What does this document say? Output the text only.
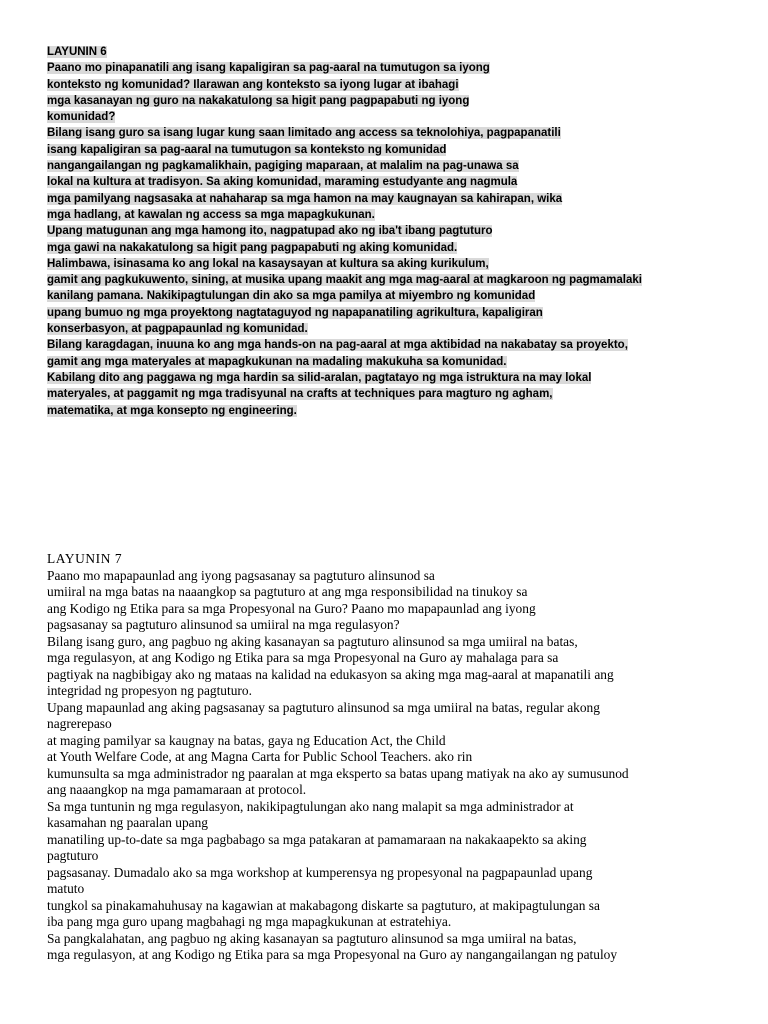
LAYUNIN 6
Paano mo pinapanatili ang isang kapaligiran sa pag-aaral na tumutugon sa iyong
konteksto ng komunidad? Ilarawan ang konteksto sa iyong lugar at ibahagi
mga kasanayan ng guro na nakakatulong sa higit pang pagpapabuti ng iyong
komunidad?
Bilang isang guro sa isang lugar kung saan limitado ang access sa teknolohiya, pagpapanatili
isang kapaligiran sa pag-aaral na tumutugon sa konteksto ng komunidad
nangangailangan ng pagkamalikhain, pagiging maparaan, at malalim na pag-unawa sa
lokal na kultura at tradisyon. Sa aking komunidad, maraming estudyante ang nagmula
mga pamilyang nagsasaka at nahaharap sa mga hamon na may kaugnayan sa kahirapan, wika
mga hadlang, at kawalan ng access sa mga mapagkukunan.
Upang matugunan ang mga hamong ito, nagpatupad ako ng iba't ibang pagtuturo
mga gawi na nakakatulong sa higit pang pagpapabuti ng aking komunidad.
Halimbawa, isinasama ko ang lokal na kasaysayan at kultura sa aking kurikulum,
gamit ang pagkukuwento, sining, at musika upang maakit ang mga mag-aaral at magkaroon ng pagmamalaki
kanilang pamana. Nakikipagtulungan din ako sa mga pamilya at miyembro ng komunidad
upang bumuo ng mga proyektong nagtataguyod ng napapanatiling agrikultura, kapaligiran
konserbasyon, at pagpapaunlad ng komunidad.
Bilang karagdagan, inuuna ko ang mga hands-on na pag-aaral at mga aktibidad na nakabatay sa proyekto,
gamit ang mga materyales at mapagkukunan na madaling makukuha sa komunidad.
Kabilang dito ang paggawa ng mga hardin sa silid-aralan, pagtatayo ng mga istruktura na may lokal
materyales, at paggamit ng mga tradisyunal na crafts at techniques para magturo ng agham,
matematika, at mga konsepto ng engineering.
LAYUNIN 7
Paano mo mapapaunlad ang iyong pagsasanay sa pagtuturo alinsunod sa
umiiral na mga batas na naaangkop sa pagtuturo at ang mga responsibilidad na tinukoy sa
ang Kodigo ng Etika para sa mga Propesyonal na Guro? Paano mo mapapaunlad ang iyong
pagsasanay sa pagtuturo alinsunod sa umiiral na mga regulasyon?
Bilang isang guro, ang pagbuo ng aking kasanayan sa pagtuturo alinsunod sa mga umiiral na batas,
mga regulasyon, at ang Kodigo ng Etika para sa mga Propesyonal na Guro ay mahalaga para sa
pagtiyak na nagbibigay ako ng mataas na kalidad na edukasyon sa aking mga mag-aaral at mapanatili ang
integridad ng propesyon ng pagtuturo.
Upang mapaunlad ang aking pagsasanay sa pagtuturo alinsunod sa mga umiiral na batas, regular akong
nagrerepaso
at maging pamilyar sa kaugnay na batas, gaya ng Education Act, the Child
at Youth Welfare Code, at ang Magna Carta for Public School Teachers. ako rin
kumunsulta sa mga administrador ng paaralan at mga eksperto sa batas upang matiyak na ako ay sumusunod
ang naaangkop na mga pamamaraan at protocol.
Sa mga tuntunin ng mga regulasyon, nakikipagtulungan ako nang malapit sa mga administrador at
kasamahan ng paaralan upang
manatiling up-to-date sa mga pagbabago sa mga patakaran at pamamaraan na nakakaapekto sa aking
pagtuturo
pagsasanay. Dumadalo ako sa mga workshop at kumperensya ng propesyonal na pagpapaunlad upang
matuto
tungkol sa pinakamahuhusay na kagawian at makabagong diskarte sa pagtuturo, at makipagtulungan sa
iba pang mga guro upang magbahagi ng mga mapagkukunan at estratehiya.
Sa pangkalahatan, ang pagbuo ng aking kasanayan sa pagtuturo alinsunod sa mga umiiral na batas,
mga regulasyon, at ang Kodigo ng Etika para sa mga Propesyonal na Guro ay nangangailangan ng patuloy
